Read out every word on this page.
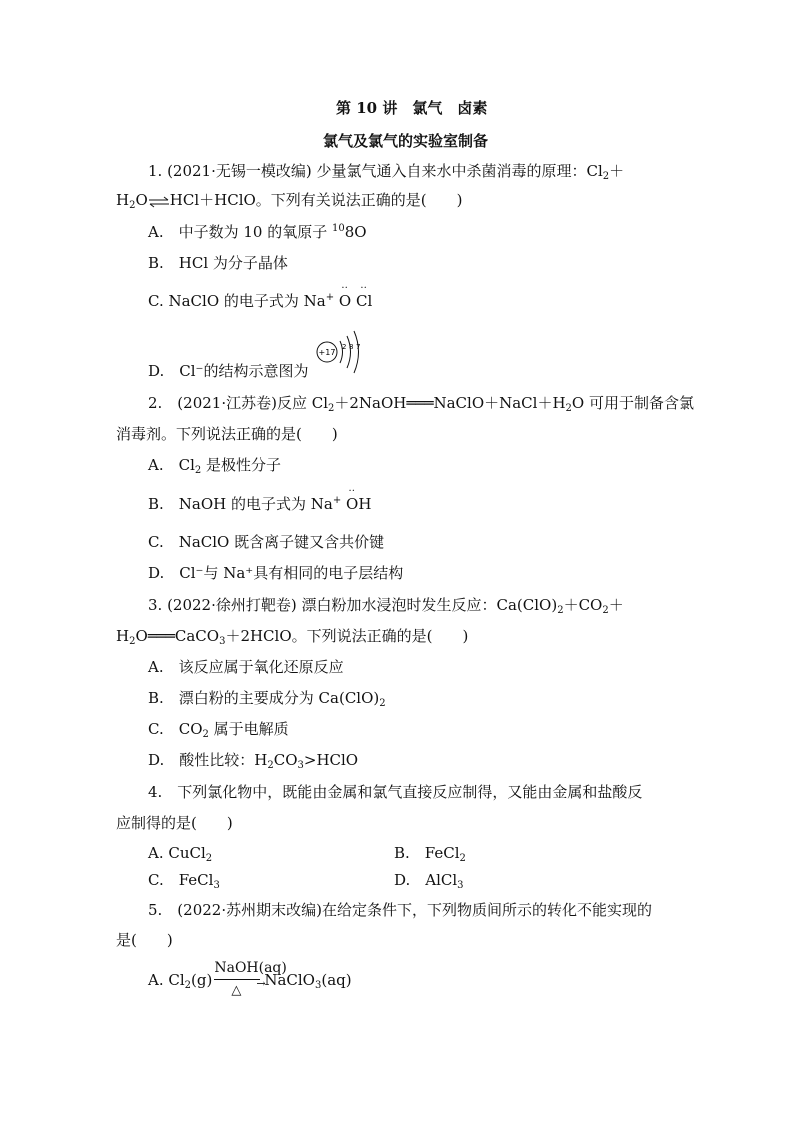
第 10 讲　氯气　卤素
氯气及氯气的实验室制备
1. (2021·无锡一模改编) 少量氯气通入自来水中杀菌消毒的原理：$Cl_2+$
$H_2O\rightleftharpoons HCl+HClO$。下列有关说法正确的是(　　)
A.　中子数为 10 的氧原子 $^{10}$8O
B.　HCl 为分子晶体
C. NaClO 的电子式为 Na+
‥
O
‥
Cl
D.　Cl⁻的结构示意图为
+17
2 8 7
2.　(2021·江苏卷)反应 $Cl_2+2NaOH═══NaClO+NaCl+H_2O$ 可用于制备含氯
消毒剂。下列说法正确的是(　　)
A.　$Cl_2$ 是极性分子
B.　NaOH 的电子式为 Na+
‥
OH
C.　NaClO 既含离子键又含共价键
D.　Cl⁻与 Na⁺具有相同的电子层结构
3. (2022·徐州打靶卷) 漂白粉加水浸泡时发生反应：$Ca(ClO)_2+CO_2+$
$H_2O═══CaCO_3+2HClO$。下列说法正确的是(　　)
A.　该反应属于氧化还原反应
B.　漂白粉的主要成分为 $Ca(ClO)_2$
C.　$CO_2$ 属于电解质
D.　酸性比较：$H_2CO_3>HClO$
4.　下列氯化物中，既能由金属和氯气直接反应制得，又能由金属和盐酸反
应制得的是(　　)
A. CuCl$_2$	B.　FeCl$_2$
C.　FeCl$_3$	D.　AlCl$_3$
5.　(2022·苏州期末改编)在给定条件下，下列物质间所示的转化不能实现的
是(　　)
A. $Cl_2(g)$
NaOH(aq)
→
△
NaClO$_3$(aq)
